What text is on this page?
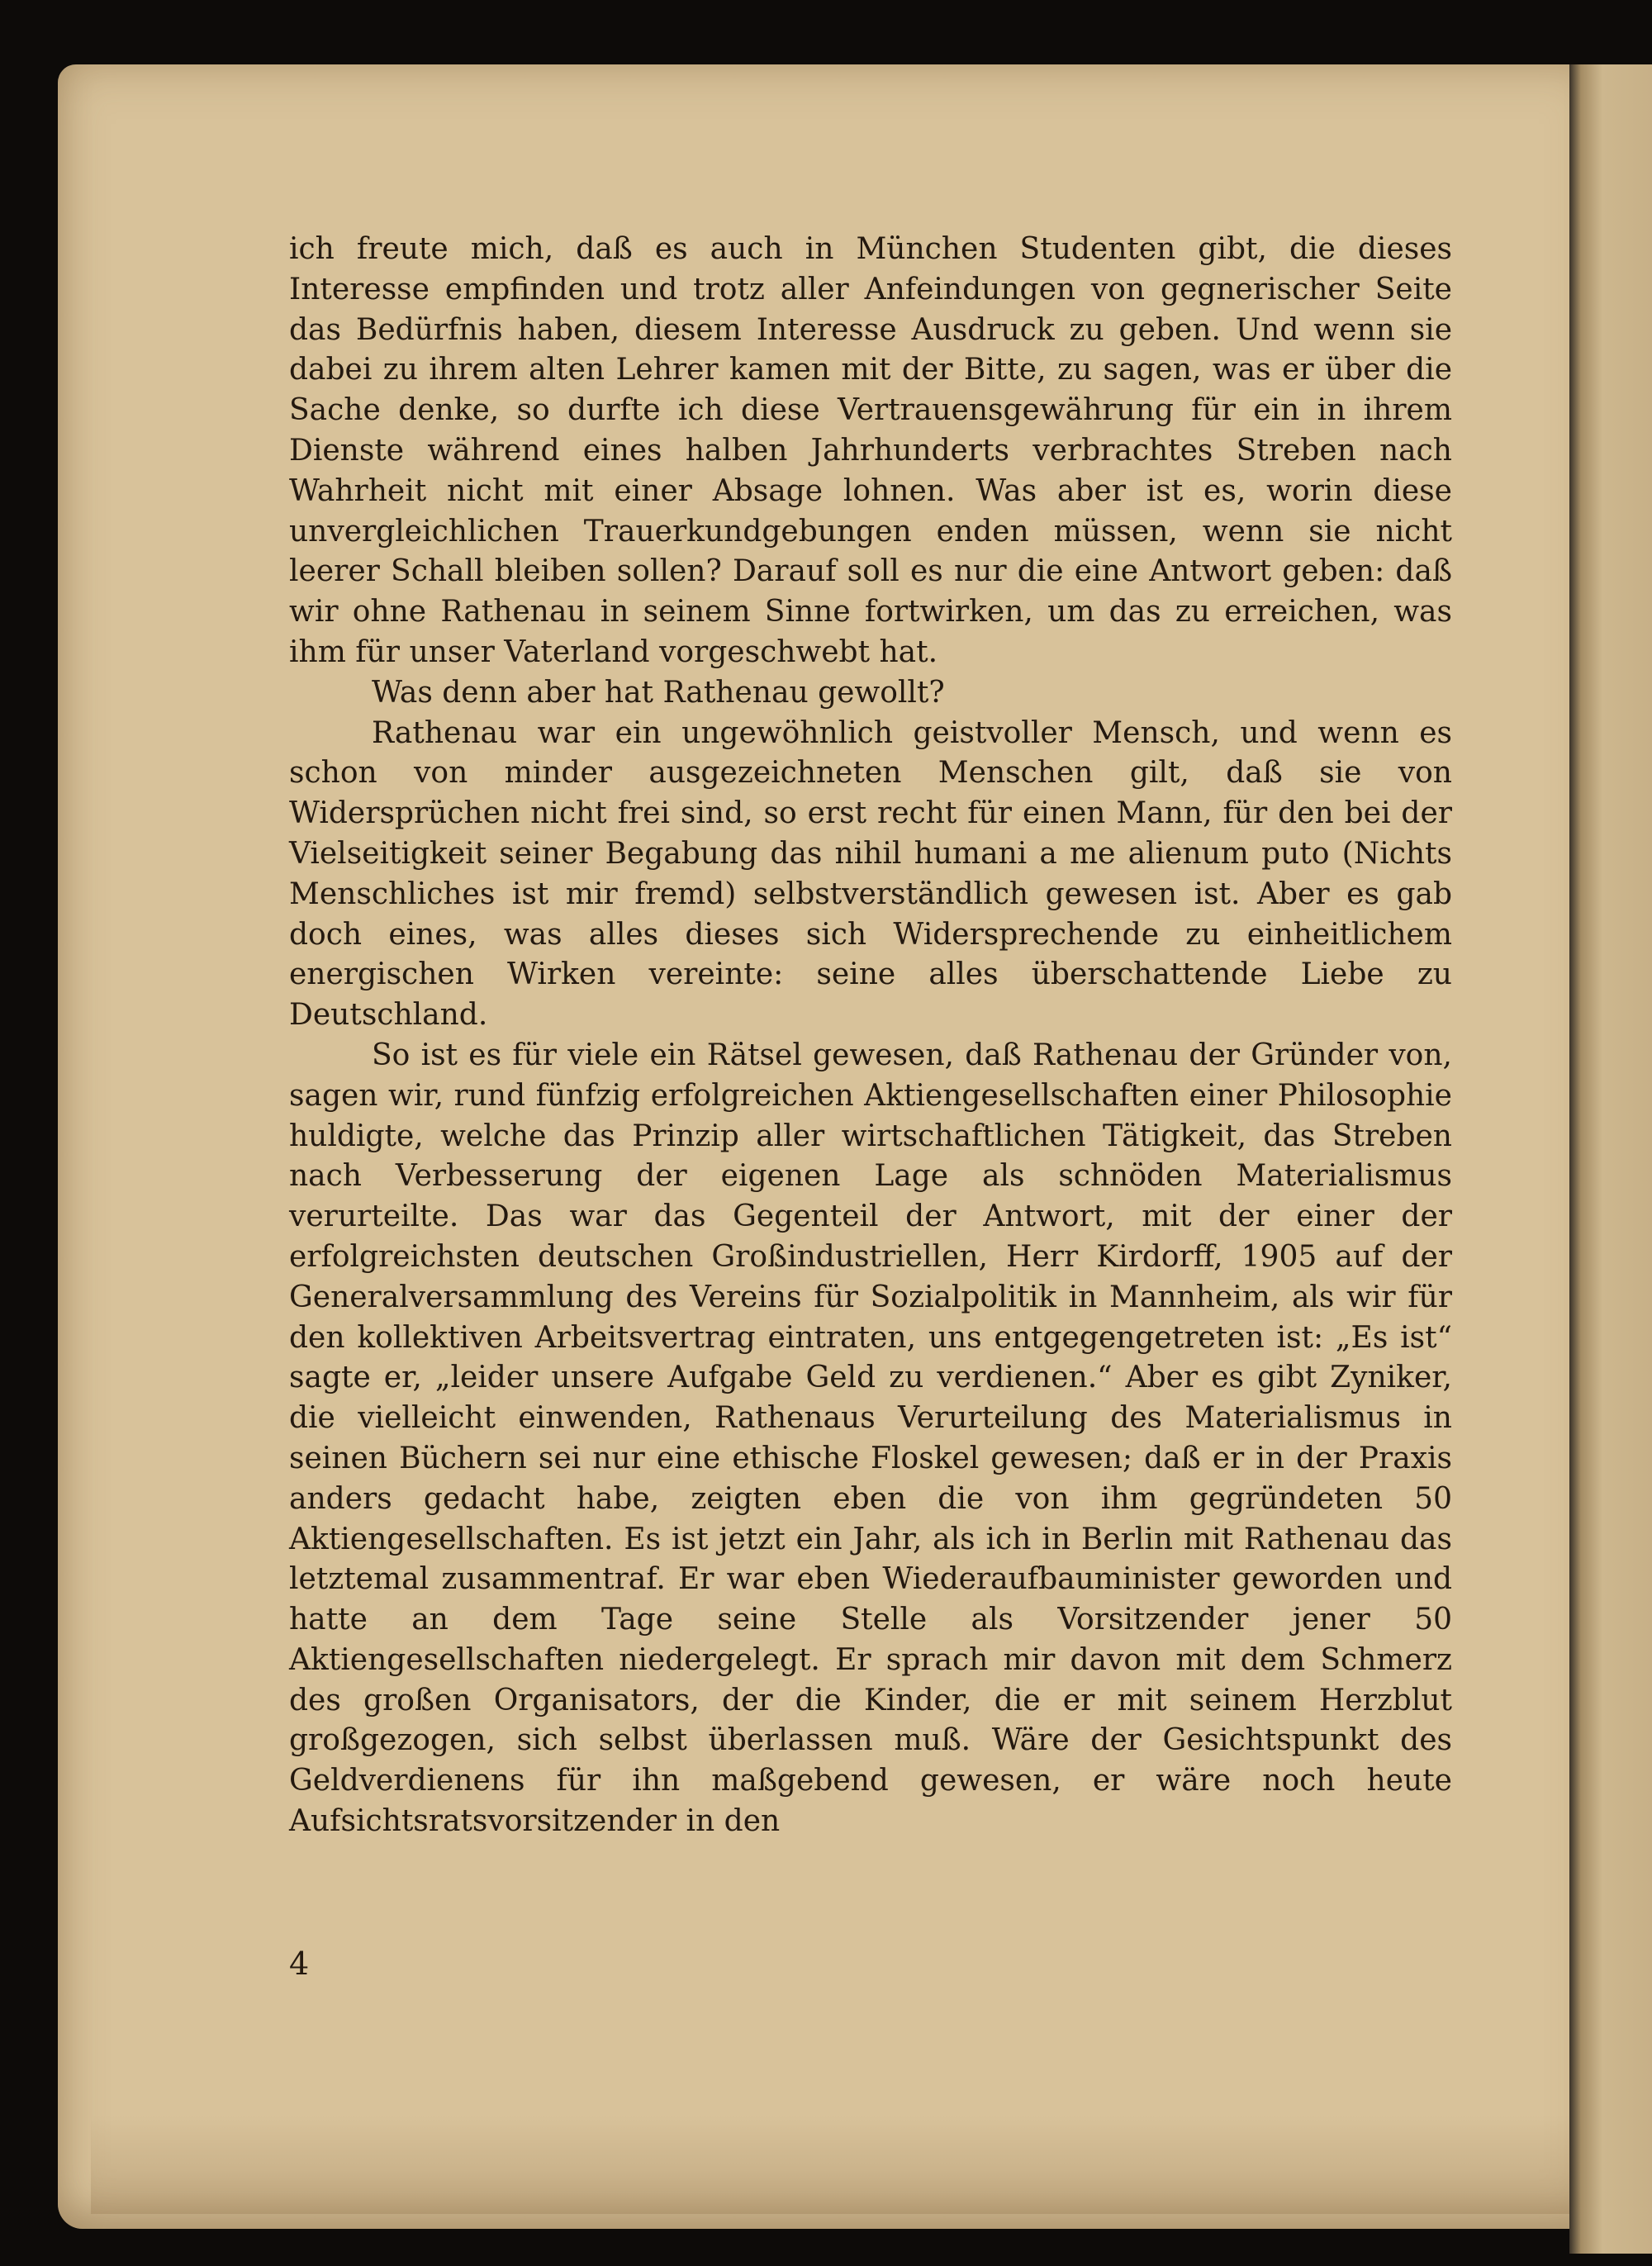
ich freute mich, daß es auch in München Studenten gibt, die dieses Interesse empfinden und trotz aller Anfeindungen von gegnerischer Seite das Bedürfnis haben, diesem Interesse Ausdruck zu geben. Und wenn sie dabei zu ihrem alten Lehrer kamen mit der Bitte, zu sagen, was er über die Sache denke, so durfte ich diese Vertrauensgewährung für ein in ihrem Dienste während eines halben Jahrhunderts verbrachtes Streben nach Wahrheit nicht mit einer Absage lohnen. Was aber ist es, worin diese unvergleichlichen Trauerkundgebungen enden müssen, wenn sie nicht leerer Schall bleiben sollen? Darauf soll es nur die eine Antwort geben: daß wir ohne Rathenau in seinem Sinne fortwirken, um das zu erreichen, was ihm für unser Vaterland vorgeschwebt hat.

Was denn aber hat Rathenau gewollt?

Rathenau war ein ungewöhnlich geistvoller Mensch, und wenn es schon von minder ausgezeichneten Menschen gilt, daß sie von Widersprüchen nicht frei sind, so erst recht für einen Mann, für den bei der Vielseitigkeit seiner Begabung das nihil humani a me alienum puto (Nichts Menschliches ist mir fremd) selbstverständlich gewesen ist. Aber es gab doch eines, was alles dieses sich Widersprechende zu einheitlichem energischen Wirken vereinte: seine alles überschattende Liebe zu Deutschland.

So ist es für viele ein Rätsel gewesen, daß Rathenau der Gründer von, sagen wir, rund fünfzig erfolgreichen Aktiengesellschaften einer Philosophie huldigte, welche das Prinzip aller wirtschaftlichen Tätigkeit, das Streben nach Verbesserung der eigenen Lage als schnöden Materialismus verurteilte. Das war das Gegenteil der Antwort, mit der einer der erfolgreichsten deutschen Großindustriellen, Herr Kirdorff, 1905 auf der Generalversammlung des Vereins für Sozialpolitik in Mannheim, als wir für den kollektiven Arbeitsvertrag eintraten, uns entgegengetreten ist: „Es ist“ sagte er, „leider unsere Aufgabe Geld zu verdienen.“ Aber es gibt Zyniker, die vielleicht einwenden, Rathenaus Verurteilung des Materialismus in seinen Büchern sei nur eine ethische Floskel gewesen; daß er in der Praxis anders gedacht habe, zeigten eben die von ihm gegründeten 50 Aktiengesellschaften. Es ist jetzt ein Jahr, als ich in Berlin mit Rathenau das letztemal zusammentraf. Er war eben Wiederaufbauminister geworden und hatte an dem Tage seine Stelle als Vorsitzender jener 50 Aktiengesellschaften niedergelegt. Er sprach mir davon mit dem Schmerz des großen Organisators, der die Kinder, die er mit seinem Herzblut großgezogen, sich selbst überlassen muß. Wäre der Gesichtspunkt des Geldverdienens für ihn maßgebend gewesen, er wäre noch heute Aufsichtsratsvorsitzender in den

4
